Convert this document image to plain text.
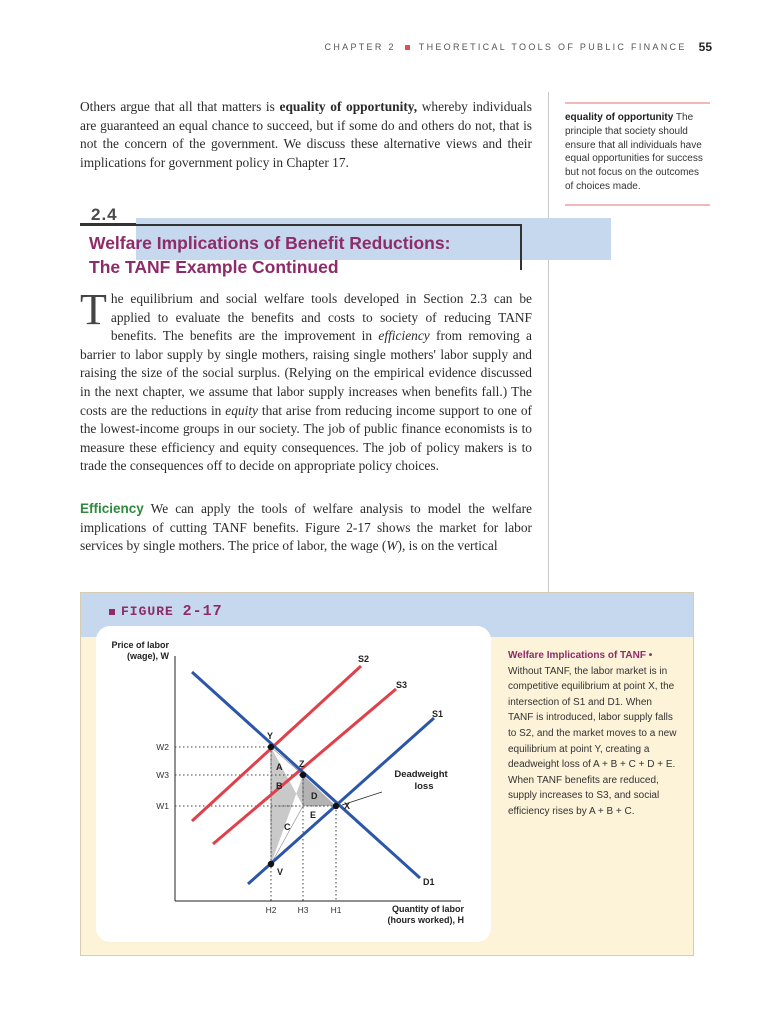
CHAPTER 2	THEORETICAL TOOLS OF PUBLIC FINANCE 55

Others argue that all that matters is equality of opportunity, whereby individuals are guaranteed an equal chance to succeed, but if some do and others do not, that is not the concern of the government. We discuss these alternative views and their implications for government policy in Chapter 17.

equality of opportunity The principle that society should ensure that all individuals have equal opportunities for success but not focus on the outcomes of choices made.
2.4
Welfare Implications of Benefit Reductions:
The TANF Example Continued

The equilibrium and social welfare tools developed in Section 2.3 can be applied to evaluate the benefits and costs to society of reducing TANF benefits. The benefits are the improvement in efficiency from removing a barrier to labor supply by single mothers, raising single mothers' labor supply and raising the size of the social surplus. (Relying on the empirical evidence discussed in the next chapter, we assume that labor supply increases when benefits fall.) The costs are the reductions in equity that arise from reducing income support to one of the lowest-income groups in our society. The job of public finance economists is to measure these efficiency and equity consequences. The job of policy makers is to trade the consequences off to decide on appropriate policy choices.

Efficiency We can apply the tools of welfare analysis to model the welfare implications of cutting TANF benefits. Figure 2-17 shows the market for labor services by single mothers. The price of labor, the wage (W), is on the vertical

FIGURE 2-17
Price of labor
(wage), W
Quantity of labor
(hours worked), H
S2
S3
S1
D1
Y
Z
X
V
A
B
C
D
E
Deadweight
loss
W2
W3
W1
H2 H3	H1
Welfare Implications of TANF •
Without TANF, the labor market is in competitive equilibrium at point X, the intersection of S1 and D1. When TANF is introduced, labor supply falls to S2, and the market moves to a new equilibrium at point Y, creating a deadweight loss of A + B + C + D + E. When TANF benefits are reduced, supply increases to S3, and social efficiency rises by A + B + C.
